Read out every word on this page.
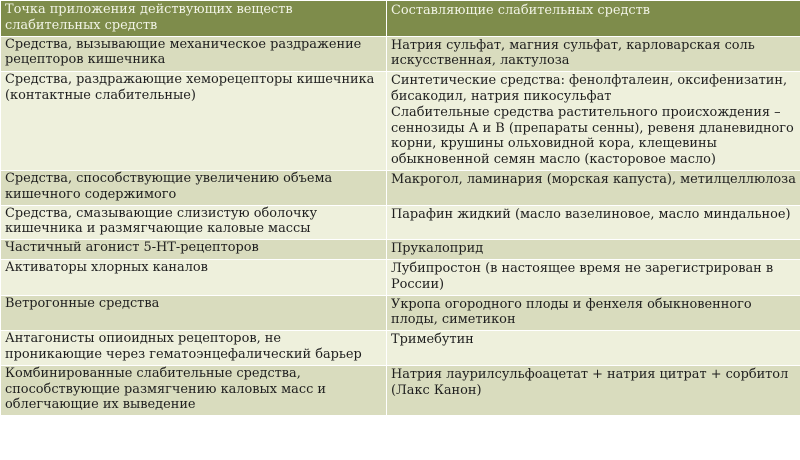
Точка приложения действующих веществ слабительных средств	Составляющие слабительных средств
Средства, вызывающие механическое раздражение рецепторов кишечника	Натрия сульфат, магния сульфат, карловарская соль искусственная, лактулоза

Средства, раздражающие хеморецепторы кишечника (контактные слабительные)	Синтетические средства: фенолфталеин, оксифенизатин, бисакодил, натрия пикосульфат
Слабительные средства растительного происхождения – сеннозиды А и В (препараты сенны), ревеня дланевидного корни, крушины ольховидной кора, клещевины обыкновенной семян масло (касторовое масло)

Средства, способствующие увеличению объема кишечного содержимого	Макрогол, ламинария (морская капуста), метилцеллюлоза

Средства, смазывающие слизистую оболочку кишечника и размягчающие каловые массы	Парафин жидкий (масло вазелиновое, масло миндальное)

Частичный агонист 5-НТ-рецепторов	Прукалоприд

Активаторы хлорных каналов	Лубипростон (в настоящее время не зарегистрирован в России)

Ветрогонные средства	Укропа огородного плоды и фенхеля обыкновенного плоды, симетикон

Антагонисты опиоидных рецепторов, не проникающие через гематоэнцефалический барьер	Тримебутин

Комбинированные слабительные средства, способствующие размягчению каловых масс и облегчающие их выведение	Натрия лаурилсульфоацетат + натрия цитрат + сорбитол (Лакс Канон)
